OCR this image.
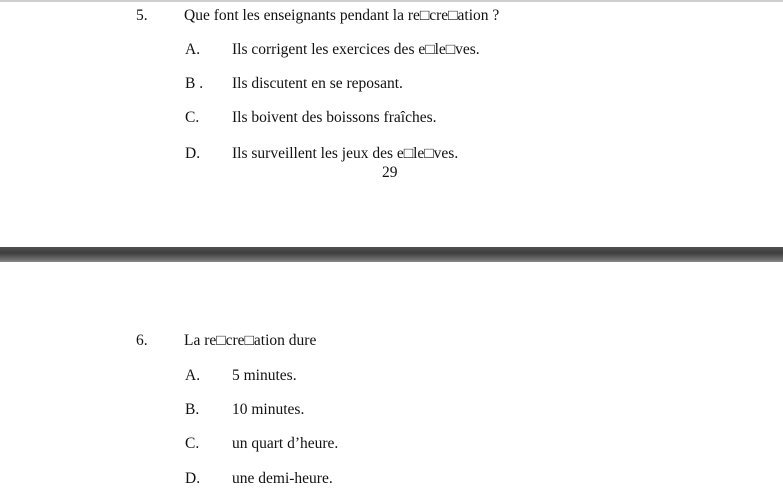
5. Que font les enseignants pendant la re□cre□ation ?
A. Ils corrigent les exercices des e□le□ves.
B . Ils discutent en se reposant.
C. Ils boivent des boissons fraîches.
D. Ils surveillent les jeux des e□le□ves.
29
6. La re□cre□ation dure
A. 5 minutes.
B. 10 minutes.
C. un quart d’heure.
D. une demi-heure.
